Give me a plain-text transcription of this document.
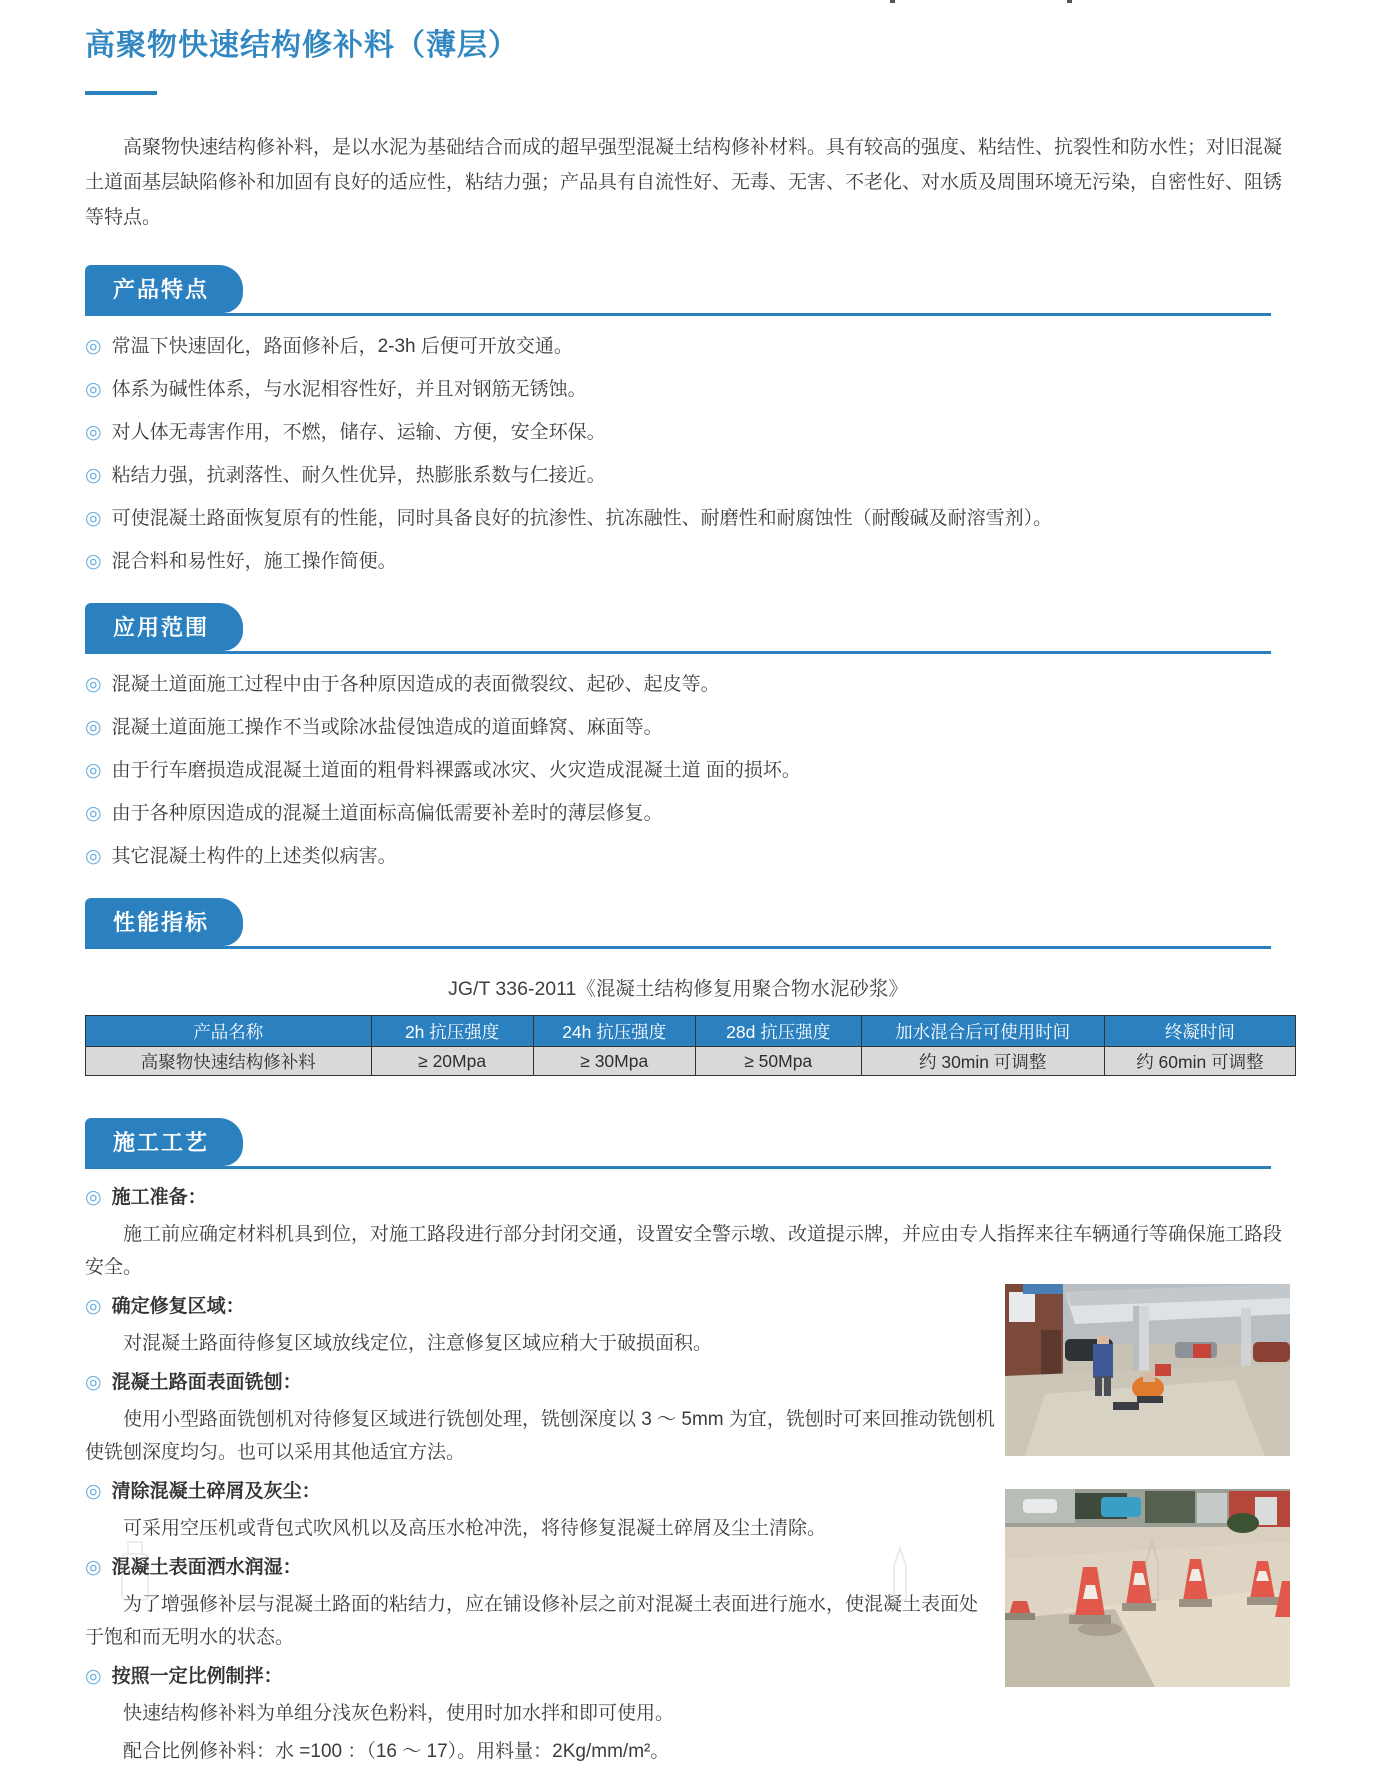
高聚物快速结构修补料（薄层）

高聚物快速结构修补料，是以水泥为基础结合而成的超早强型混凝土结构修补材料。具有较高的强度、粘结性、抗裂性和防水性；对旧混凝土道面基层缺陷修补和加固有良好的适应性，粘结力强；产品具有自流性好、无毒、无害、不老化、对水质及周围环境无污染，自密性好、阻锈等特点。

产品特点
◎ 常温下快速固化，路面修补后，2-3h 后便可开放交通。
◎ 体系为碱性体系，与水泥相容性好，并且对钢筋无锈蚀。
◎ 对人体无毒害作用，不燃，储存、运输、方便，安全环保。
◎ 粘结力强，抗剥落性、耐久性优异，热膨胀系数与仁接近。
◎ 可使混凝土路面恢复原有的性能，同时具备良好的抗渗性、抗冻融性、耐磨性和耐腐蚀性（耐酸碱及耐溶雪剂）。
◎ 混合料和易性好，施工操作简便。
应用范围
◎ 混凝土道面施工过程中由于各种原因造成的表面微裂纹、起砂、起皮等。
◎ 混凝土道面施工操作不当或除冰盐侵蚀造成的道面蜂窝、麻面等。
◎ 由于行车磨损造成混凝土道面的粗骨料裸露或冰灾、火灾造成混凝土道 面的损坏。
◎ 由于各种原因造成的混凝土道面标高偏低需要补差时的薄层修复。
◎ 其它混凝土构件的上述类似病害。
性能指标
JG/T 336-2011《混凝土结构修复用聚合物水泥砂浆》
产品名称	2h 抗压强度	24h 抗压强度	28d 抗压强度	加水混合后可使用时间	终凝时间
高聚物快速结构修补料	≥ 20Mpa	≥ 30Mpa	≥ 50Mpa	约 30min 可调整	约 60min 可调整
施工工艺
◎ 施工准备：

施工前应确定材料机具到位，对施工路段进行部分封闭交通，设置安全警示墩、改道提示牌，并应由专人指挥来往车辆通行等确保施工路段安全。

◎ 确定修复区域：

对混凝土路面待修复区域放线定位，注意修复区域应稍大于破损面积。

◎ 混凝土路面表面铣刨：

使用小型路面铣刨机对待修复区域进行铣刨处理，铣刨深度以 3 ～ 5mm 为宜，铣刨时可来回推动铣刨机使铣刨深度均匀。也可以采用其他适宜方法。

◎ 清除混凝土碎屑及灰尘：

可采用空压机或背包式吹风机以及高压水枪冲洗，将待修复混凝土碎屑及尘土清除。

◎ 混凝土表面洒水润湿：

为了增强修补层与混凝土路面的粘结力，应在铺设修补层之前对混凝土表面进行施水，使混凝土表面处于饱和而无明水的状态。

◎ 按照一定比例制拌：

快速结构修补料为单组分浅灰色粉料，使用时加水拌和即可使用。

配合比例修补料：水 =100 ：（16 ～ 17）。用料量：2Kg/mm/m²。
